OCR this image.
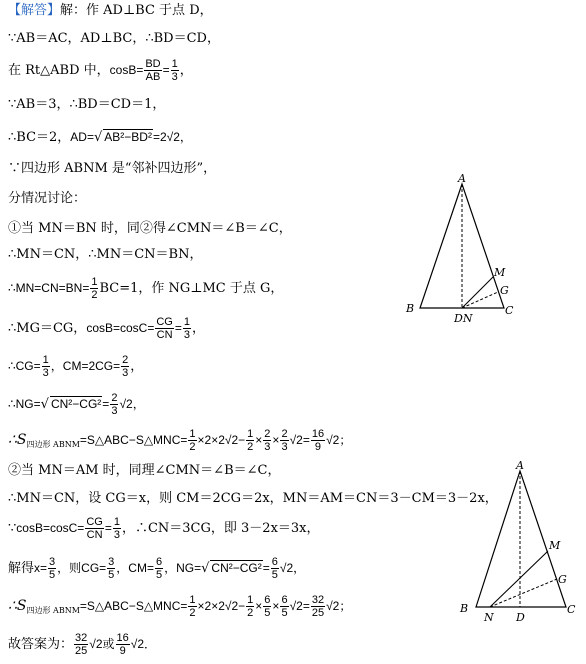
【解答】解：作 AD⊥BC 于点 D，
∵AB＝AC，AD⊥BC，∴BD＝CD，
在 Rt△ABD 中，$\cos B= \frac{BD}{AB} = \frac{1}{3}$ ，
∵AB＝3，∴BD＝CD＝1，
∴BC＝2，AD=√ AB²−BD²=2√2，
∵四边形 ABNM 是“邻补四边形”，
分情况讨论：
①当 MN＝BN 时，同②得∠CMN＝∠B＝∠C，
∴MN＝CN，∴MN＝CN＝BN，
∴MN=CN=BN= $\frac{1}{2} BC=1$，作 NG⊥MC 于点 G，
∴MG＝CG，$\cos B=\cos C= \frac{CG}{CN} = \frac{1}{3}$ ，
∴CG= $\frac{1}{3}$ ，$CM=2CG= \frac{2}{3}$ ，
∴NG=√ $CN^2-CG^2= \frac{2}{3} √2$，
$\therefore S_{四边形 ABNM}=S\triangle ABC-S\triangle MNC= \frac{1}{2} \times 2\times 2√2- \frac{1}{2} \times \frac{2}{3} \times \frac{2}{3} √2= \frac{16}{9} √2$；
②当 MN＝AM 时，同理∠CMN＝∠B＝∠C，
∴MN＝CN，设 CG＝x，则 CM＝2CG＝2x，MN＝AM＝CN＝3－CM＝3－2x，
∵cosB=cosC= $\frac{CG}{CN} = \frac{1}{3}$ ，∴CN＝3CG，即 3－2x＝3x，
解得$x= \frac{3}{5}$ ，则$CG= \frac{3}{5}$ ，$CM= \frac{6}{5}$ ，NG=√ $CN^2-CG^2= \frac{6}{5} √2$，
$\therefore S_{四边形 ABNM}=S\triangle ABC-S\triangle MNC= \frac{1}{2} \times 2\times 2√2- \frac{1}{2} \times \frac{6}{5} \times \frac{6}{5} √2= \frac{32}{25} √2$；
故答案为： $\frac{32}{25} √2$或 $\frac{16}{9} √2$．
A
B	C
DN
M
G
A
B	C
N D
M
G
